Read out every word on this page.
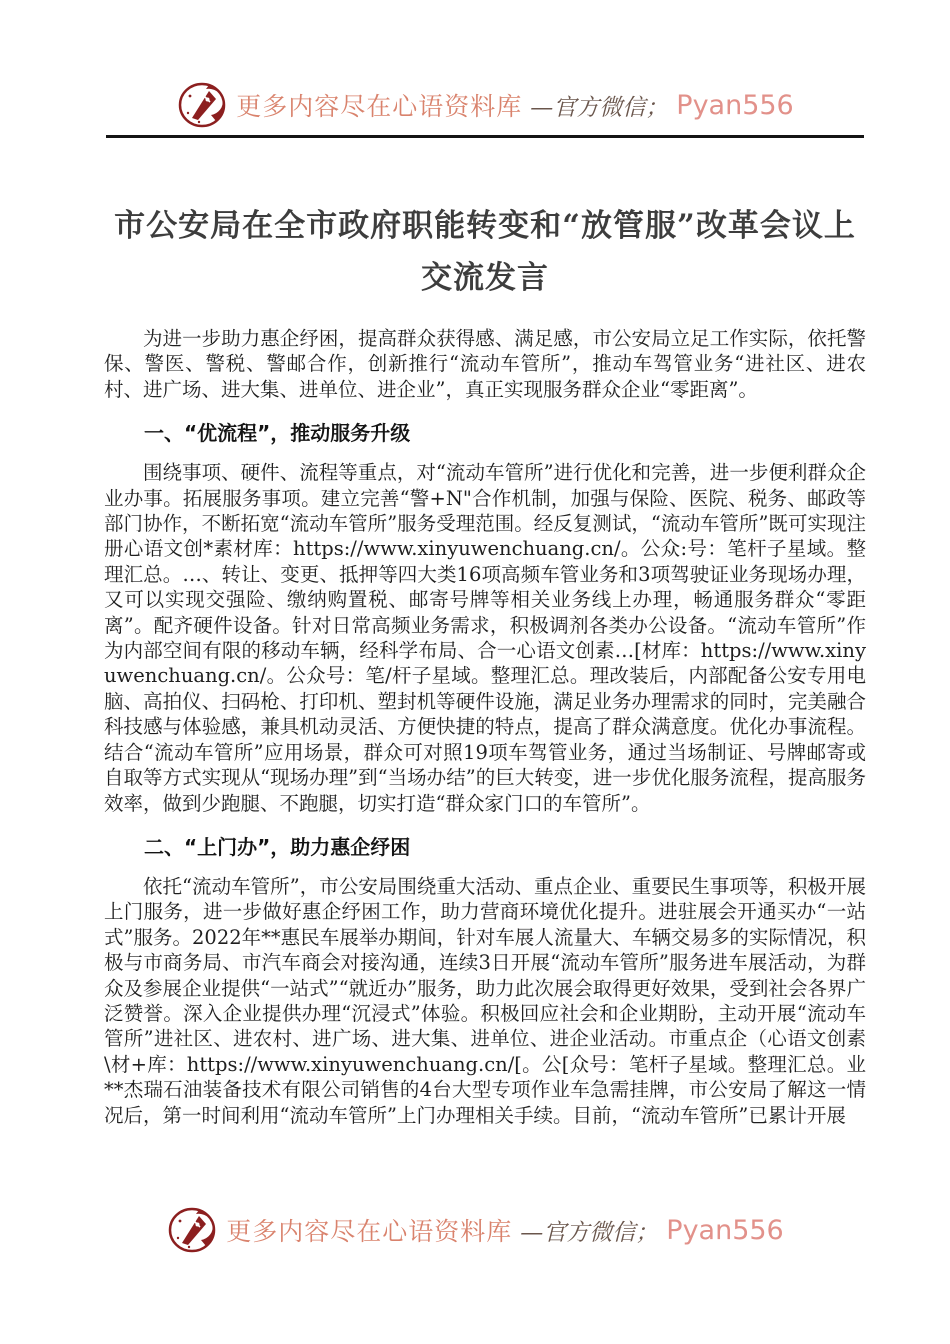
更多内容尽在心语资料库 —官方微信； Pyan556
市公安局在全市政府职能转变和“放管服”改革会议上
交流发言

为进一步助力惠企纾困，提高群众获得感、满足感，市公安局立足工作实际，依托警保、警医、警税、警邮合作，创新推行“流动车管所”，推动车驾管业务“进社区、进农村、进广场、进大集、进单位、进企业”，真正实现服务群众企业“零距离”。

一、“优流程”，推动服务升级

围绕事项、硬件、流程等重点，对“流动车管所”进行优化和完善，进一步便利群众企业办事。拓展服务事项。建立完善“警+N"合作机制，加强与保险、医院、税务、邮政等部门协作，不断拓宽“流动车管所”服务受理范围。经反复测试，“流动车管所”既可实现注册心语文创*素材库：https://www.xinyuwenchuang.cn/。公众:号：笔杆子星域。整理汇总。…、转让、变更、抵押等四大类16项高频车管业务和3项驾驶证业务现场办理，又可以实现交强险、缴纳购置税、邮寄号牌等相关业务线上办理，畅通服务群众“零距离”。配齐硬件设备。针对日常高频业务需求，积极调剂各类办公设备。“流动车管所”作为内部空间有限的移动车辆，经科学布局、合一心语文创素…[材库：https://www.xinyuwenchuang.cn/。公众号：笔/杆子星域。整理汇总。理改装后，内部配备公安专用电脑、高拍仪、扫码枪、打印机、塑封机等硬件设施，满足业务办理需求的同时，完美融合科技感与体验感，兼具机动灵活、方便快捷的特点，提高了群众满意度。优化办事流程。结合“流动车管所”应用场景，群众可对照19项车驾管业务，通过当场制证、号牌邮寄或自取等方式实现从“现场办理”到“当场办结”的巨大转变，进一步优化服务流程，提高服务效率，做到少跑腿、不跑腿，切实打造“群众家门口的车管所”。

二、“上门办”，助力惠企纾困

依托“流动车管所”，市公安局围绕重大活动、重点企业、重要民生事项等，积极开展上门服务，进一步做好惠企纾困工作，助力营商环境优化提升。进驻展会开通买办“一站式”服务。2022年**惠民车展举办期间，针对车展人流量大、车辆交易多的实际情况，积极与市商务局、市汽车商会对接沟通，连续3日开展“流动车管所”服务进车展活动，为群众及参展企业提供“一站式”“就近办”服务，助力此次展会取得更好效果，受到社会各界广泛赞誉。深入企业提供办理“沉浸式”体验。积极回应社会和企业期盼，主动开展“流动车管所”进社区、进农村、进广场、进大集、进单位、进企业活动。市重点企（心语文创素\材+库：https://www.xinyuwenchuang.cn/[。公[众号：笔杆子星域。整理汇总。业**杰瑞石油装备技术有限公司销售的4台大型专项作业车急需挂牌，市公安局了解这一情况后，第一时间利用“流动车管所”上门办理相关手续。目前，“流动车管所”已累计开展

更多内容尽在心语资料库 —官方微信； Pyan556
